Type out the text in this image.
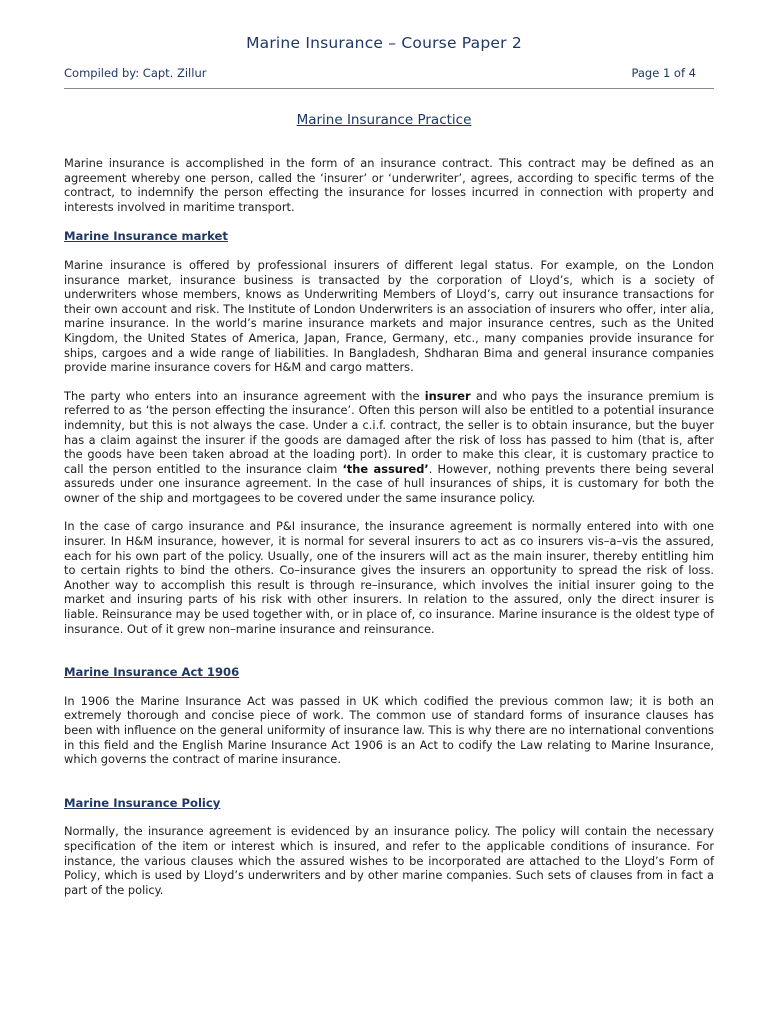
Marine Insurance – Course Paper 2
Compiled by: Capt. Zillur	Page 1 of 4
Marine Insurance Practice

Marine insurance is accomplished in the form of an insurance contract. This contract may be defined as an agreement whereby one person, called the ‘insurer’ or ‘underwriter’, agrees, according to specific terms of the contract, to indemnify the person effecting the insurance for losses incurred in connection with property and interests involved in maritime transport.

Marine Insurance market

Marine insurance is offered by professional insurers of different legal status. For example, on the London insurance market, insurance business is transacted by the corporation of Lloyd’s, which is a society of underwriters whose members, knows as Underwriting Members of Lloyd’s, carry out insurance transactions for their own account and risk. The Institute of London Underwriters is an association of insurers who offer, inter alia, marine insurance. In the world’s marine insurance markets and major insurance centres, such as the United Kingdom, the United States of America, Japan, France, Germany, etc., many companies provide insurance for ships, cargoes and a wide range of liabilities. In Bangladesh, Shdharan Bima and general insurance companies provide marine insurance covers for H&M and cargo matters.

The party who enters into an insurance agreement with the insurer and who pays the insurance premium is referred to as ‘the person effecting the insurance’. Often this person will also be entitled to a potential insurance indemnity, but this is not always the case. Under a c.i.f. contract, the seller is to obtain insurance, but the buyer has a claim against the insurer if the goods are damaged after the risk of loss has passed to him (that is, after the goods have been taken abroad at the loading port). In order to make this clear, it is customary practice to call the person entitled to the insurance claim ‘the assured’. However, nothing prevents there being several assureds under one insurance agreement. In the case of hull insurances of ships, it is customary for both the owner of the ship and mortgagees to be covered under the same insurance policy.

In the case of cargo insurance and P&I insurance, the insurance agreement is normally entered into with one insurer. In H&M insurance, however, it is normal for several insurers to act as co insurers vis–a–vis the assured, each for his own part of the policy. Usually, one of the insurers will act as the main insurer, thereby entitling him to certain rights to bind the others. Co–insurance gives the insurers an opportunity to spread the risk of loss. Another way to accomplish this result is through re–insurance, which involves the initial insurer going to the market and insuring parts of his risk with other insurers. In relation to the assured, only the direct insurer is liable. Reinsurance may be used together with, or in place of, co insurance. Marine insurance is the oldest type of insurance. Out of it grew non–marine insurance and reinsurance.

Marine Insurance Act 1906

In 1906 the Marine Insurance Act was passed in UK which codified the previous common law; it is both an extremely thorough and concise piece of work. The common use of standard forms of insurance clauses has been with influence on the general uniformity of insurance law. This is why there are no international conventions in this field and the English Marine Insurance Act 1906 is an Act to codify the Law relating to Marine Insurance, which governs the contract of marine insurance.

Marine Insurance Policy

Normally, the insurance agreement is evidenced by an insurance policy. The policy will contain the necessary specification of the item or interest which is insured, and refer to the applicable conditions of insurance. For instance, the various clauses which the assured wishes to be incorporated are attached to the Lloyd’s Form of Policy, which is used by Lloyd’s underwriters and by other marine companies. Such sets of clauses from in fact a part of the policy.
